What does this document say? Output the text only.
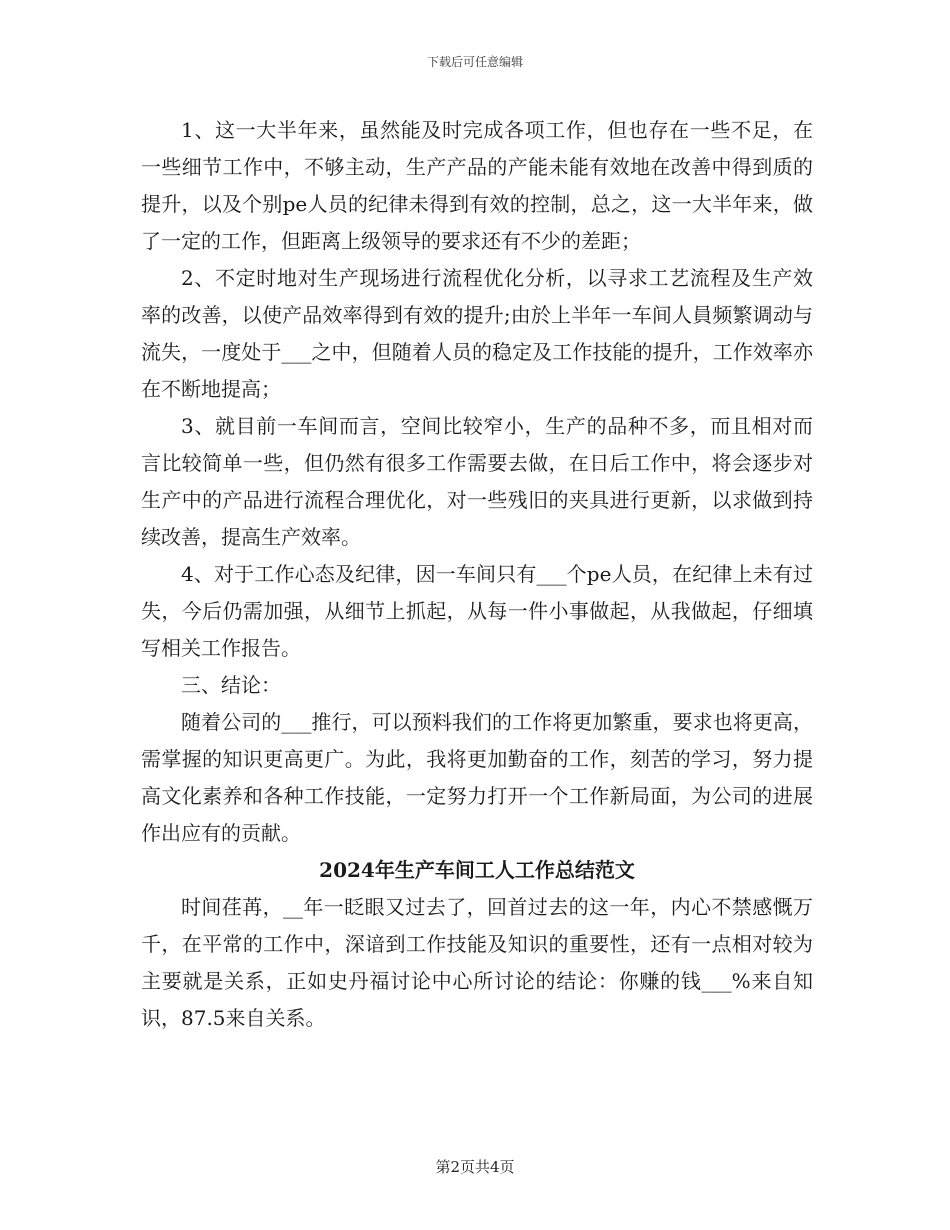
下载后可任意编辑

1、这一大半年来，虽然能及时完成各项工作，但也存在一些不足，在一些细节工作中，不够主动，生产产品的产能未能有效地在改善中得到质的提升，以及个别pe人员的纪律未得到有效的控制，总之，这一大半年来，做了一定的工作，但距离上级领导的要求还有不少的差距；

2、不定时地对生产现场进行流程优化分析，以寻求工艺流程及生产效率的改善，以使产品效率得到有效的提升;由於上半年一车间人員频繁调动与流失，一度处于___之中，但随着人员的稳定及工作技能的提升，工作效率亦在不断地提高；

3、就目前一车间而言，空间比较窄小，生产的品种不多，而且相对而言比较简单一些，但仍然有很多工作需要去做，在日后工作中，将会逐步对生产中的产品进行流程合理优化，对一些残旧的夹具进行更新，以求做到持续改善，提高生产效率。

4、对于工作心态及纪律，因一车间只有___个pe人员，在纪律上未有过失，今后仍需加强，从细节上抓起，从每一件小事做起，从我做起，仔细填写相关工作报告。

三、结论：

随着公司的___推行，可以预料我们的工作将更加繁重，要求也将更高，需掌握的知识更高更广。为此，我将更加勤奋的工作，刻苦的学习，努力提高文化素养和各种工作技能，一定努力打开一个工作新局面，为公司的进展作出应有的贡献。

2024年生产车间工人工作总结范文

时间荏苒，__年一眨眼又过去了，回首过去的这一年，内心不禁感慨万千，在平常的工作中，深谙到工作技能及知识的重要性，还有一点相对较为主要就是关系，正如史丹福讨论中心所讨论的结论：你赚的钱___%来自知识，87.5来自关系。

第2页共4页
